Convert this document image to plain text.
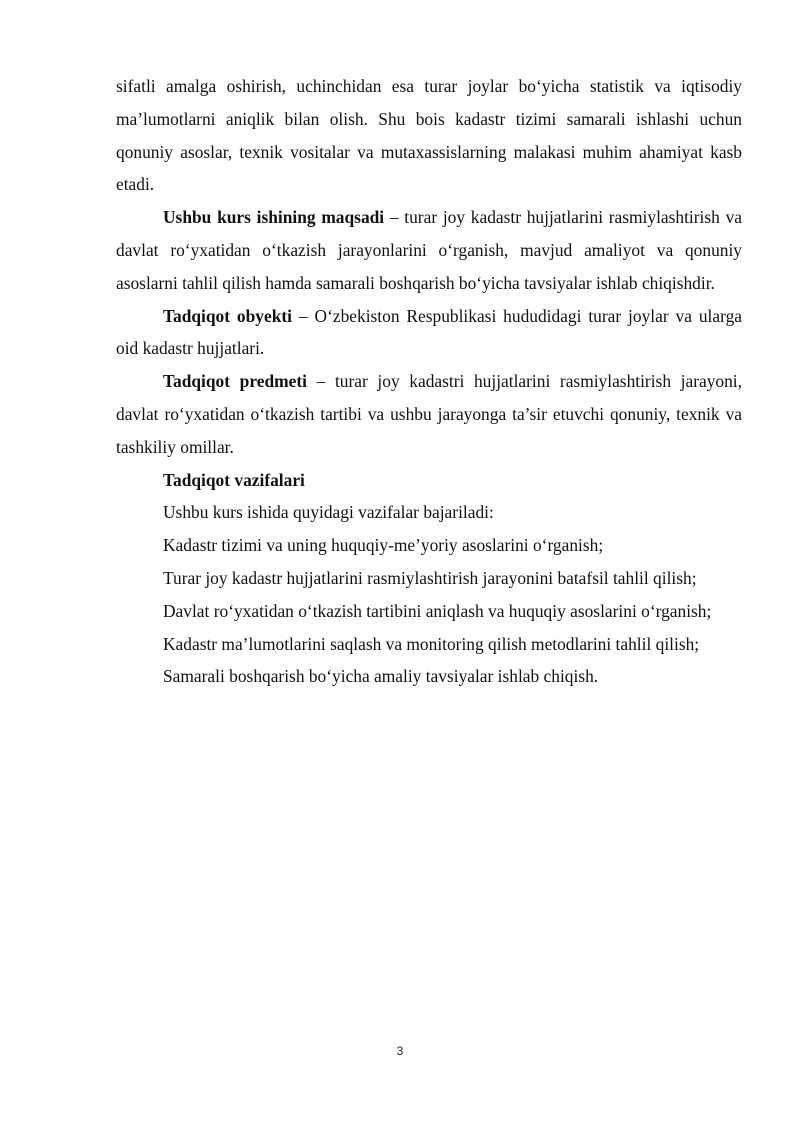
sifatli amalga oshirish, uchinchidan esa turar joylar bo‘yicha statistik va iqtisodiy ma’lumotlarni aniqlik bilan olish. Shu bois kadastr tizimi samarali ishlashi uchun qonuniy asoslar, texnik vositalar va mutaxassislarning malakasi muhim ahamiyat kasb etadi.

Ushbu kurs ishining maqsadi – turar joy kadastr hujjatlarini rasmiylashtirish va davlat ro‘yxatidan o‘tkazish jarayonlarini o‘rganish, mavjud amaliyot va qonuniy asoslarni tahlil qilish hamda samarali boshqarish bo‘yicha tavsiyalar ishlab chiqishdir.

Tadqiqot obyekti – O‘zbekiston Respublikasi hududidagi turar joylar va ularga oid kadastr hujjatlari.

Tadqiqot predmeti – turar joy kadastri hujjatlarini rasmiylashtirish jarayoni, davlat ro‘yxatidan o‘tkazish tartibi va ushbu jarayonga ta’sir etuvchi qonuniy, texnik va tashkiliy omillar.

Tadqiqot vazifalari

Ushbu kurs ishida quyidagi vazifalar bajariladi:

Kadastr tizimi va uning huquqiy-me’yoriy asoslarini o‘rganish;

Turar joy kadastr hujjatlarini rasmiylashtirish jarayonini batafsil tahlil qilish;

Davlat ro‘yxatidan o‘tkazish tartibini aniqlash va huquqiy asoslarini o‘rganish;

Kadastr ma’lumotlarini saqlash va monitoring qilish metodlarini tahlil qilish;

Samarali boshqarish bo‘yicha amaliy tavsiyalar ishlab chiqish.

3
